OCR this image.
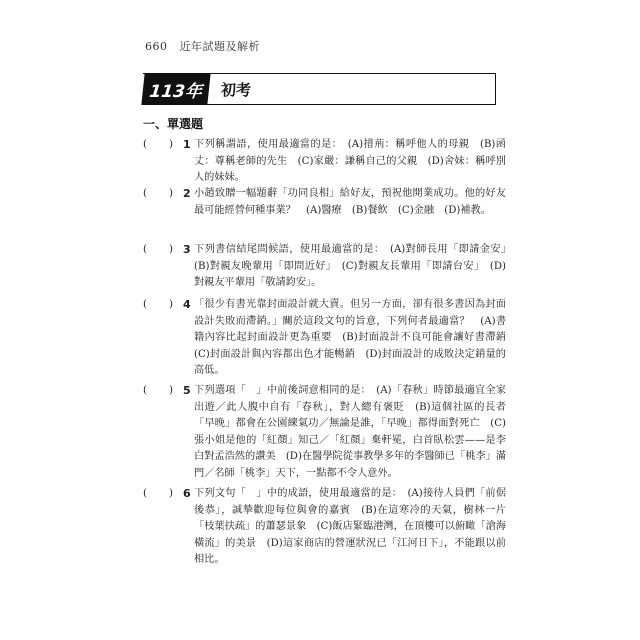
660 近年試題及解析
113年 初考
一、單選題
( ) 1 下列稱謂語，使用最適當的是：　(A)措荊：稱呼他人的母親　(B)函丈：尊稱老師的先生　(C)家嚴：謙稱自己的父親　(D)舍妹：稱呼別人的妹妹。
( ) 2 小趙致贈一幅題辭「功同良相」給好友，預祝他開業成功。他的好友最可能經營何種事業？　(A)醫療　(B)餐飲　(C)金融　(D)補教。
( ) 3 下列書信結尾問候語，使用最適當的是：　(A)對師長用「即請金安」　(B)對親友晚輩用「即問近好」　(C)對親友長輩用「即請台安」　(D)對親友平輩用「敬請鈞安」。
( ) 4 「很少有書光靠封面設計就大賣。但另一方面，卻有很多書因為封面設計失敗而滯銷。」關於這段文句的旨意，下列何者最適當？　(A)書籍內容比起封面設計更為重要　(B)封面設計不良可能會讓好書滯銷　(C)封面設計與內容都出色才能暢銷　(D)封面設計的成敗決定銷量的高低。
( ) 5 下列選項「　」中前後詞意相同的是：　(A)「春秋」時節最適宜全家出遊／此人腹中自有「春秋」，對人總有褒貶　(B)這個社區的長者「早晚」都會在公園練氣功／無論是誰，「早晚」都得面對死亡　(C)張小姐是他的「紅顏」知己／「紅顏」棄軒冕，白首臥松雲——是李白對孟浩然的讚美　(D)在醫學院從事教學多年的李醫師已「桃李」滿門／名師「桃李」天下，一點都不令人意外。
( ) 6 下列文句「　」中的成語，使用最適當的是：　(A)接待人員們「前倨後恭」，誠摯歡迎每位與會的嘉賓　(B)在這寒冷的天氣，樹林一片「枝葉扶疏」的蕭瑟景象　(C)飯店緊臨港灣，在頂樓可以俯瞰「滄海橫流」的美景　(D)這家商店的營運狀況已「江河日下」，不能跟以前相比。
